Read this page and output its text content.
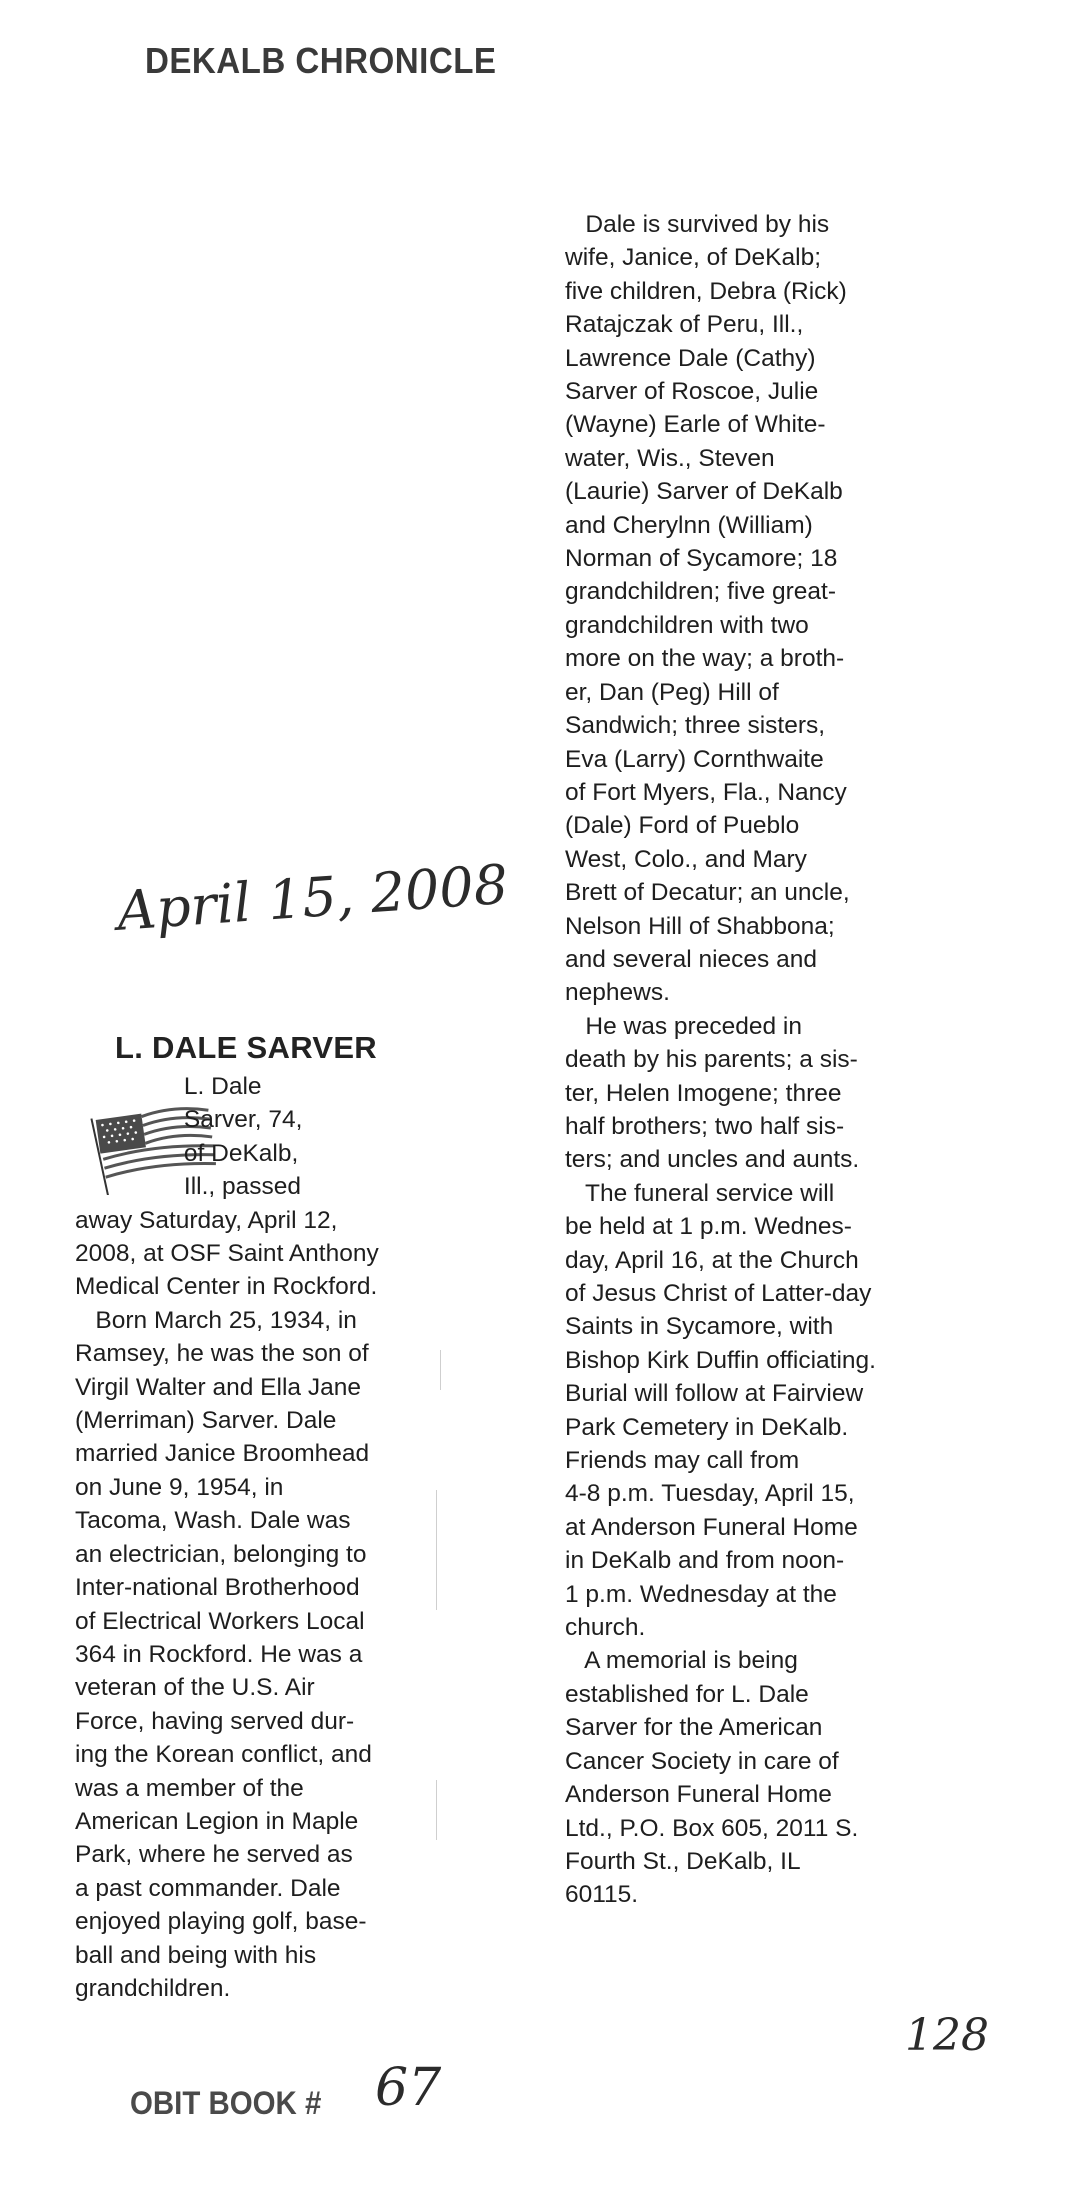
DEKALB CHRONICLE
April 15, 2008
L. DALE SARVER

L. Dale

Sarver, 74,

of DeKalb,

Ill., passed

away Saturday, April 12,

2008, at OSF Saint Anthony

Medical Center in Rockford.

Born March 25, 1934, in

Ramsey, he was the son of

Virgil Walter and Ella Jane

(Merriman) Sarver. Dale

married Janice Broomhead

on June 9, 1954, in

Tacoma, Wash. Dale was

an electrician, belonging to

Inter-national Brotherhood

of Electrical Workers Local

364 in Rockford. He was a

veteran of the U.S. Air

Force, having served dur-

ing the Korean conflict, and

was a member of the

American Legion in Maple

Park, where he served as

a past commander. Dale

enjoyed playing golf, base-

ball and being with his

grandchildren.

Dale is survived by his

wife, Janice, of DeKalb;

five children, Debra (Rick)

Ratajczak of Peru, Ill.,

Lawrence Dale (Cathy)

Sarver of Roscoe, Julie

(Wayne) Earle of White-

water, Wis., Steven

(Laurie) Sarver of DeKalb

and Cherylnn (William)

Norman of Sycamore; 18

grandchildren; five great-

grandchildren with two

more on the way; a broth-

er, Dan (Peg) Hill of

Sandwich; three sisters,

Eva (Larry) Cornthwaite

of Fort Myers, Fla., Nancy

(Dale) Ford of Pueblo

West, Colo., and Mary

Brett of Decatur; an uncle,

Nelson Hill of Shabbona;

and several nieces and

nephews.

He was preceded in

death by his parents; a sis-

ter, Helen Imogene; three

half brothers; two half sis-

ters; and uncles and aunts.

The funeral service will

be held at 1 p.m. Wednes-

day, April 16, at the Church

of Jesus Christ of Latter-day

Saints in Sycamore, with

Bishop Kirk Duffin officiating.

Burial will follow at Fairview

Park Cemetery in DeKalb.

Friends may call from

4-8 p.m. Tuesday, April 15,

at Anderson Funeral Home

in DeKalb and from noon-

1 p.m. Wednesday at the

church.

A memorial is being

established for L. Dale

Sarver for the American

Cancer Society in care of

Anderson Funeral Home

Ltd., P.O. Box 605, 2011 S.

Fourth St., DeKalb, IL

60115.

128
OBIT BOOK # 67
